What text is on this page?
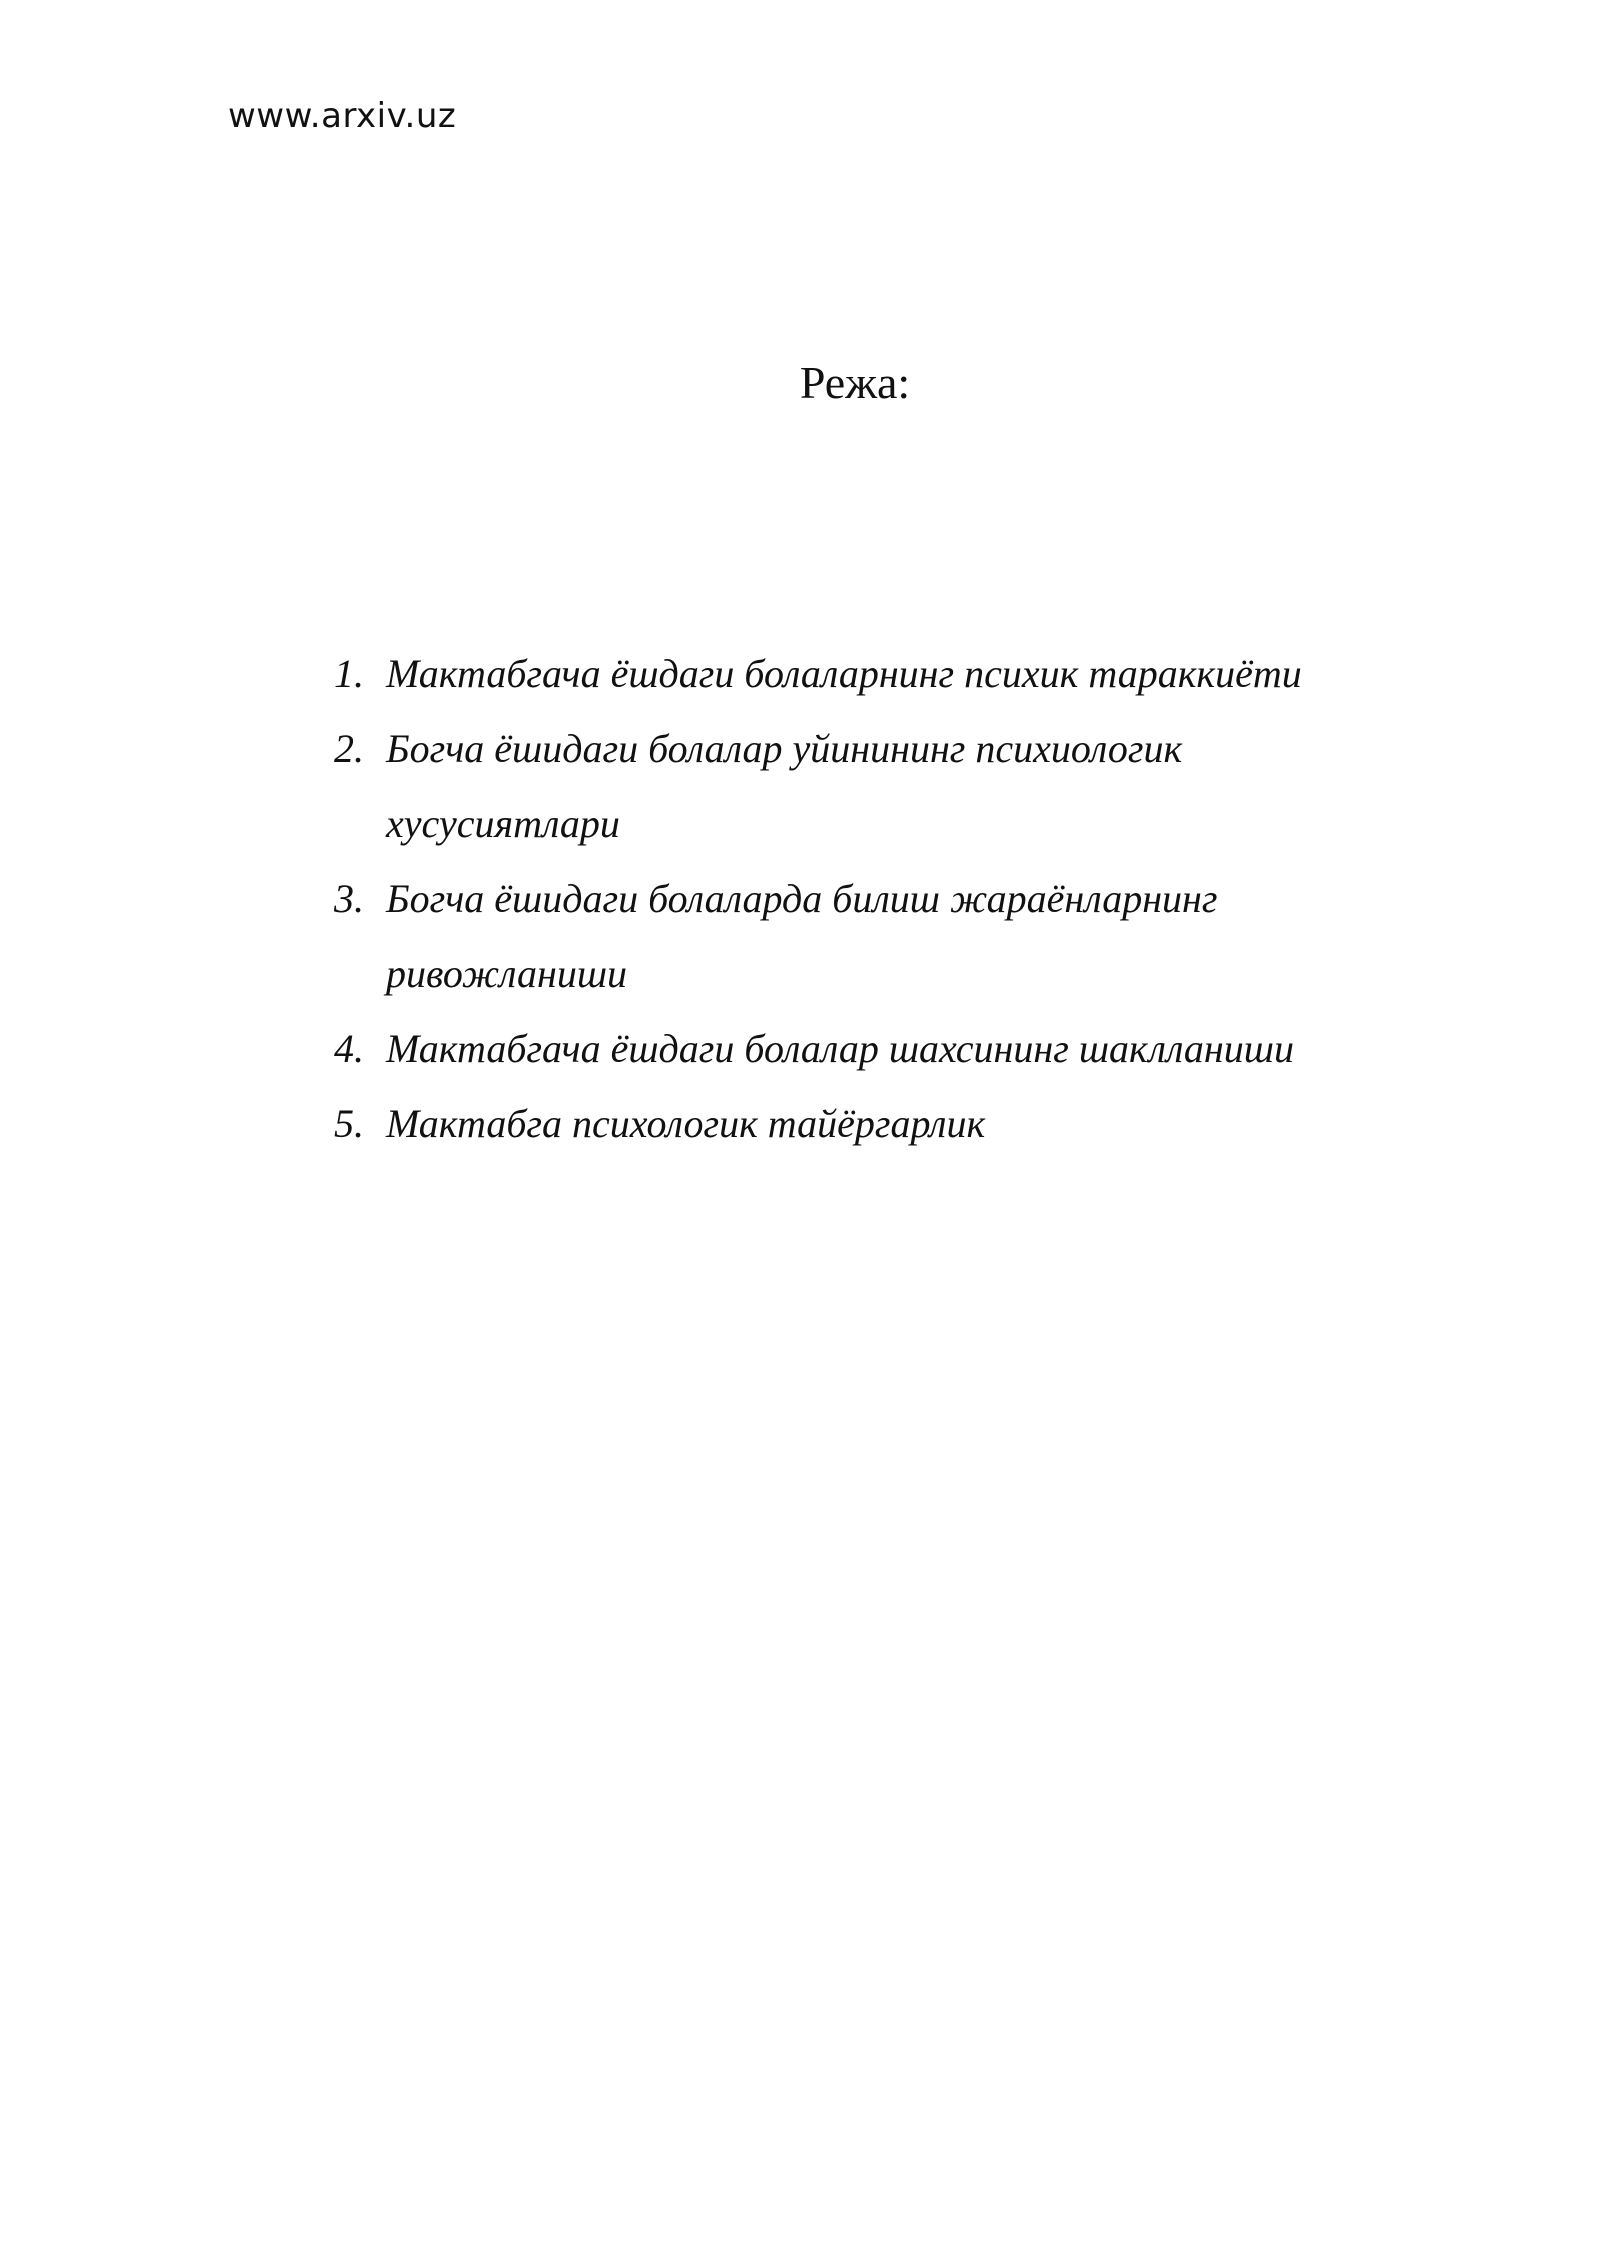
www.arxiv.uz
Режа:
1. Мактабгача ёшдаги болаларнинг психик тараккиёти
2. Богча ёшидаги болалар уйинининг психиологик хусусиятлари
3. Богча ёшидаги болаларда билиш жараёнларнинг ривожланиши
4. Мактабгача ёшдаги болалар шахсининг шаклланиши
5. Мактабга психологик тайёргарлик
